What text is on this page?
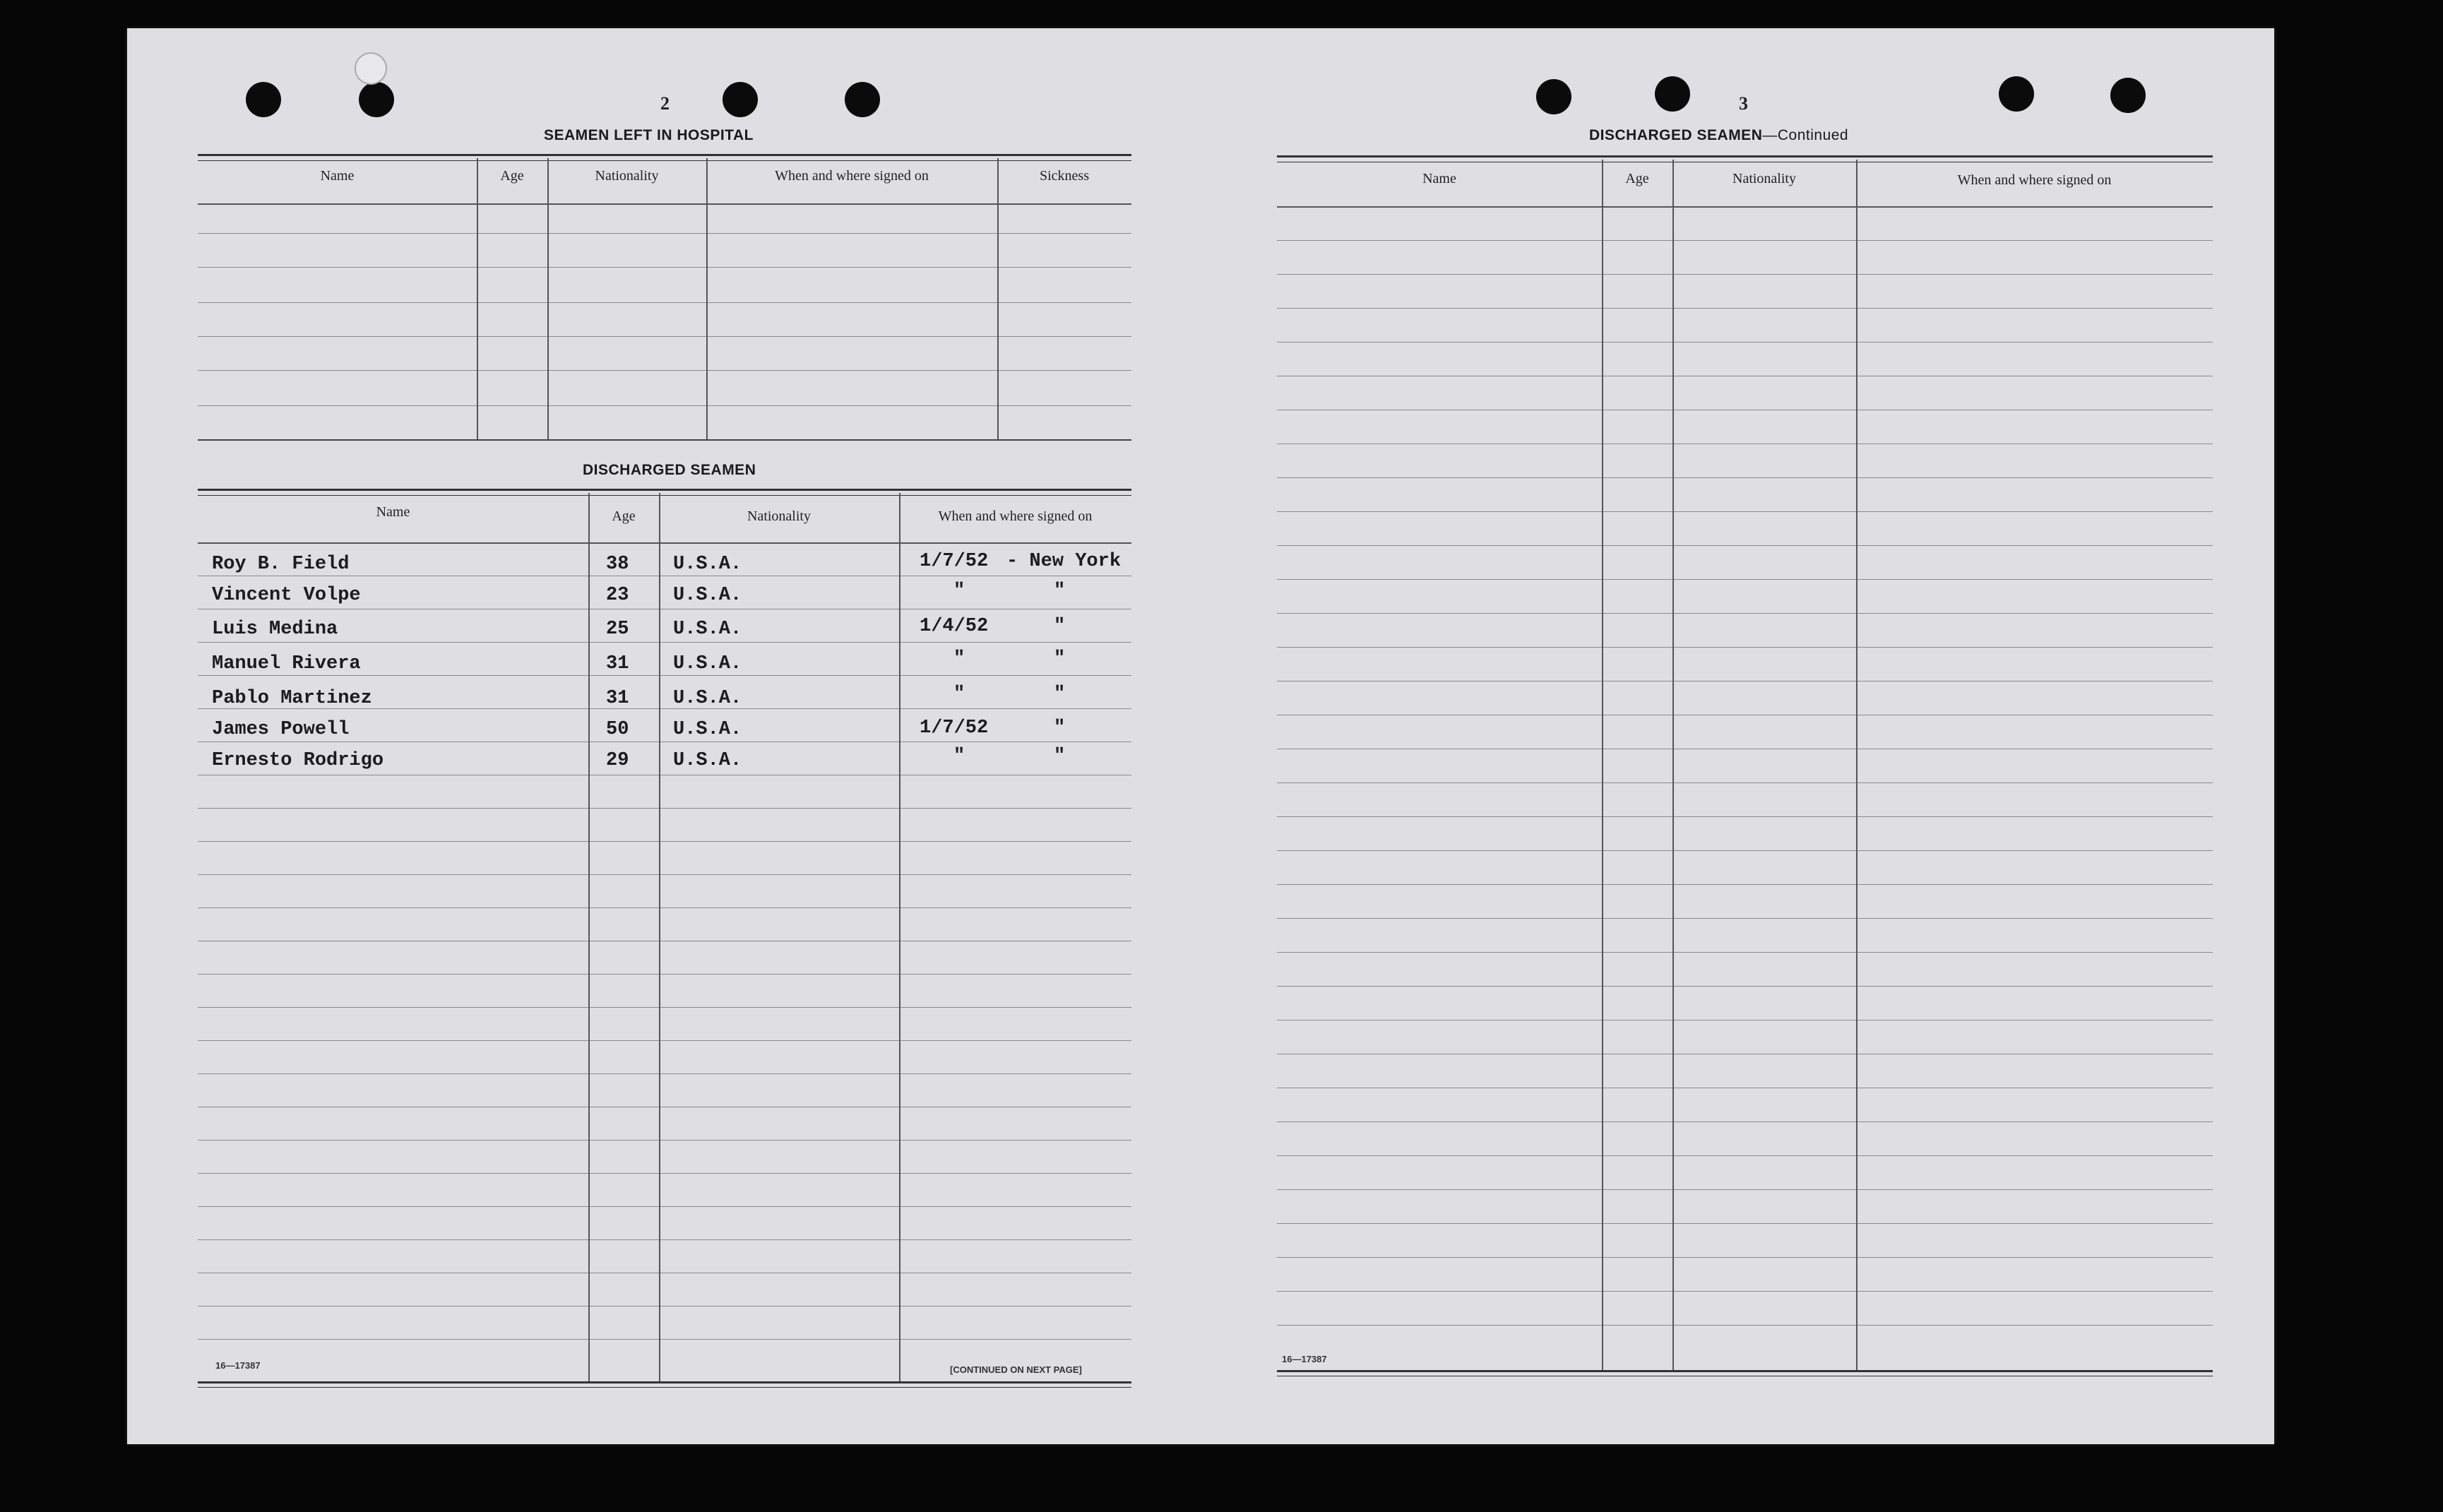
2
SEAMEN LEFT IN HOSPITAL
Name	Age	Nationality	When and where signed on	Sickness
DISCHARGED SEAMEN
Name	Age	Nationality	When and where signed on
Roy B. Field	38 U.S.A.	1/7/52 - New York
Vincent Volpe	23 U.S.A.	"	"
Luis Medina	25 U.S.A.	1/4/52	"
Manuel Rivera	31 U.S.A.	"	"
Pablo Martinez	31 U.S.A.	"	"
James Powell	50 U.S.A.	1/7/52	"
Ernesto Rodrigo	29 U.S.A.	"	"
16—17387	[CONTINUED ON NEXT PAGE]
3
DISCHARGED SEAMEN—Continued
Name	Age	Nationality	When and where signed on
16—17387
